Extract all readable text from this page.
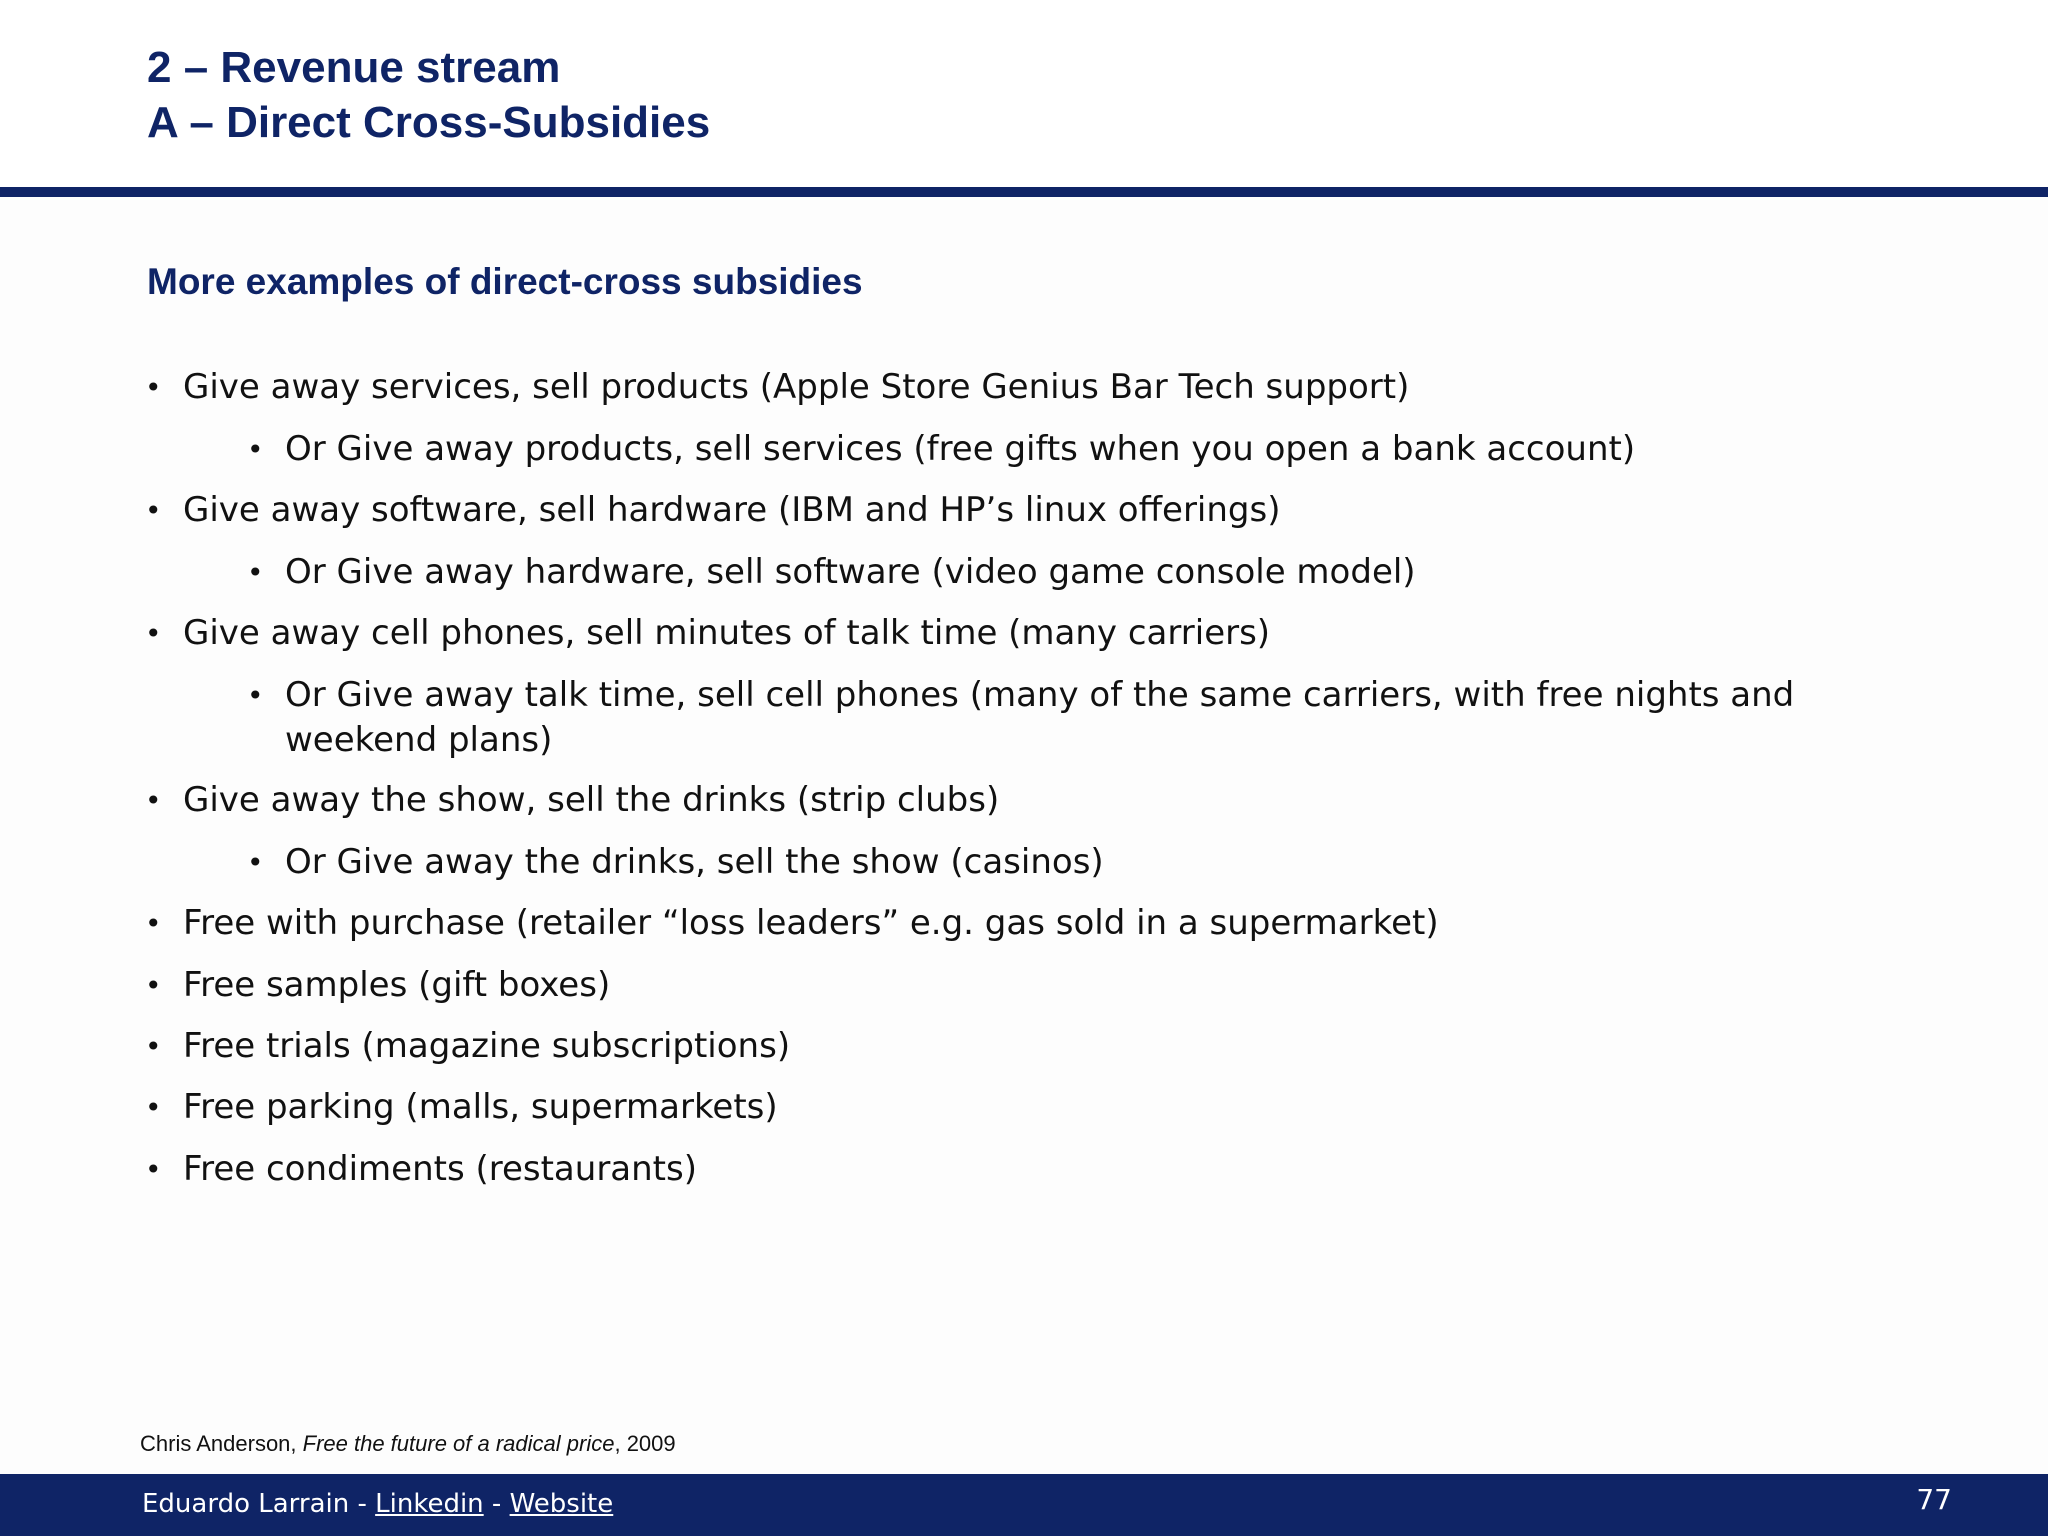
2 – Revenue stream
A – Direct Cross-Subsidies
More examples of direct-cross subsidies
• Give away services, sell products (Apple Store Genius Bar Tech support)
• Or Give away products, sell services (free gifts when you open a bank account)
• Give away software, sell hardware (IBM and HP’s linux offerings)
• Or Give away hardware, sell software (video game console model)
• Give away cell phones, sell minutes of talk time (many carriers)
• Or Give away talk time, sell cell phones (many of the same carriers, with free nights and weekend plans)
• Give away the show, sell the drinks (strip clubs)
• Or Give away the drinks, sell the show (casinos)
• Free with purchase (retailer “loss leaders” e.g. gas sold in a supermarket)
• Free samples (gift boxes)
• Free trials (magazine subscriptions)
• Free parking (malls, supermarkets)
• Free condiments (restaurants)
Chris Anderson, Free the future of a radical price, 2009
Eduardo Larrain - Linkedin - Website	77
